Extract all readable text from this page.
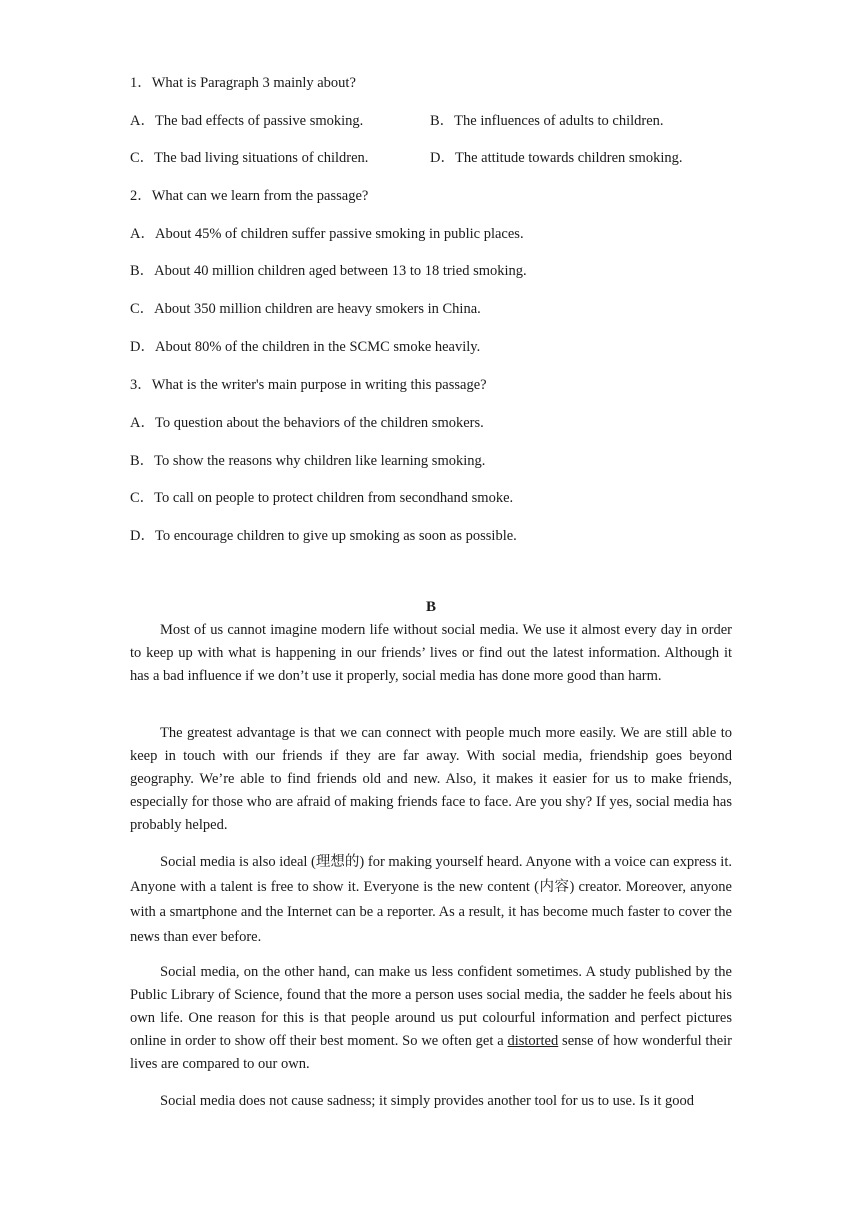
1．What is Paragraph 3 mainly about?
A．The bad effects of passive smoking.	B．The influences of adults to children.
C．The bad living situations of children.	D．The attitude towards children smoking.
2．What can we learn from the passage?
A．About 45% of children suffer passive smoking in public places.
B．About 40 million children aged between 13 to 18 tried smoking.
C．About 350 million children are heavy smokers in China.
D．About 80% of the children in the SCMC smoke heavily.
3．What is the writer's main purpose in writing this passage?
A．To question about the behaviors of the children smokers.
B．To show the reasons why children like learning smoking.
C．To call on people to protect children from secondhand smoke.
D．To encourage children to give up smoking as soon as possible.
B

Most of us cannot imagine modern life without social media. We use it almost every day in order to keep up with what is happening in our friends’ lives or find out the latest information. Although it has a bad influence if we don’t use it properly, social media has done more good than harm.

The greatest advantage is that we can connect with people much more easily. We are still able to keep in touch with our friends if they are far away. With social media, friendship goes beyond geography. We’re able to find friends old and new. Also, it makes it easier for us to make friends, especially for those who are afraid of making friends face to face. Are you shy? If yes, social media has probably helped.

Social media is also ideal (理想的) for making yourself heard. Anyone with a voice can express it. Anyone with a talent is free to show it. Everyone is the new content (内容) creator. Moreover, anyone with a smartphone and the Internet can be a reporter. As a result, it has become much faster to cover the news than ever before.

Social media, on the other hand, can make us less confident sometimes. A study published by the Public Library of Science, found that the more a person uses social media, the sadder he feels about his own life. One reason for this is that people around us put colourful information and perfect pictures online in order to show off their best moment. So we often get a distorted sense of how wonderful their lives are compared to our own.

Social media does not cause sadness; it simply provides another tool for us to use. Is it good
